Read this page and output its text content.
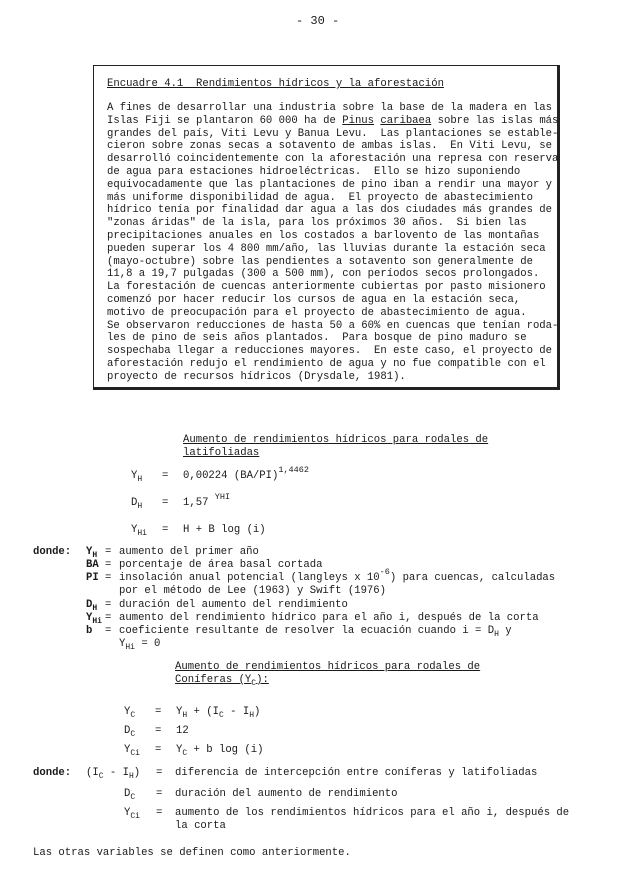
- 30 -
Encuadre 4.1  Rendimientos hídricos y la aforestación
A fines de desarrollar una industria sobre la base de la madera en las
Islas Fiji se plantaron 60 000 ha de Pinus caribaea sobre las islas más
grandes del país, Viti Levu y Banua Levu.  Las plantaciones se estable-
cieron sobre zonas secas a sotavento de ambas islas.  En Viti Levu, se
desarrolló coincidentemente con la aforestación una represa con reserva
de agua para estaciones hidroeléctricas.  Ello se hizo suponiendo
equivocadamente que las plantaciones de pino iban a rendir una mayor y
más uniforme disponibilidad de agua.  El proyecto de abastecimiento
hídrico tenía por finalidad dar agua a las dos ciudades más grandes de
"zonas áridas" de la isla, para los próximos 30 años.  Si bien las
precipitaciones anuales en los costados a barlovento de las montañas
pueden superar los 4 800 mm/año, las lluvias durante la estación seca
(mayo-octubre) sobre las pendientes a sotavento son generalmente de
11,8 a 19,7 pulgadas (300 a 500 mm), con períodos secos prolongados.
La forestación de cuencas anteriormente cubiertas por pasto misionero
comenzó por hacer reducir los cursos de agua en la estación seca,
motivo de preocupación para el proyecto de abastecimiento de agua.
Se observaron reducciones de hasta 50 a 60% en cuencas que tenían roda-
les de pino de seis años plantados.  Para bosque de pino maduro se
sospechaba llegar a reducciones mayores.  En este caso, el proyecto de
aforestación redujo el rendimiento de agua y no fue compatible con el
proyecto de recursos hídricos (Drysdale, 1981).
Aumento de rendimientos hídricos para rodales de
latifoliadas
$Y_H = 0,00224$ $(BA/PI)^{1,4462}$
$D_H = 1,57$ $^{YHI}$
$Y_{Hi} = H + B$ log (i)
donde: $Y_H$ = aumento del primer año
BA = porcentaje de área basal cortada
PI = insolación anual potencial (langleys x $10^{-6}$) para cuencas, calculadas
por el método de Lee (1963) y Swift (1976)
$D_H$ = duración del aumento del rendimiento
$Y_{Hi}$ = aumento del rendimiento hídrico para el año i, después de la corta
b = coeficiente resultante de resolver la ecuación cuando $i = D_H$ y
$Y_{Hi} = 0$
Aumento de rendimientos hídricos para rodales de
Coníferas $(Y_C)$:
$Y_C = Y_H + (I_C - I_H)$
$D_C = 12$
$Y_{Ci} = Y_C + b$ log (i)
donde: $(I_C - I_H)$ = diferencia de intercepción entre coníferas y latifoliadas
$D_C$ = duración del aumento de rendimiento
$Y_{Ci}$ = aumento de los rendimientos hídricos para el año i, después de
la corta
Las otras variables se definen como anteriormente.
